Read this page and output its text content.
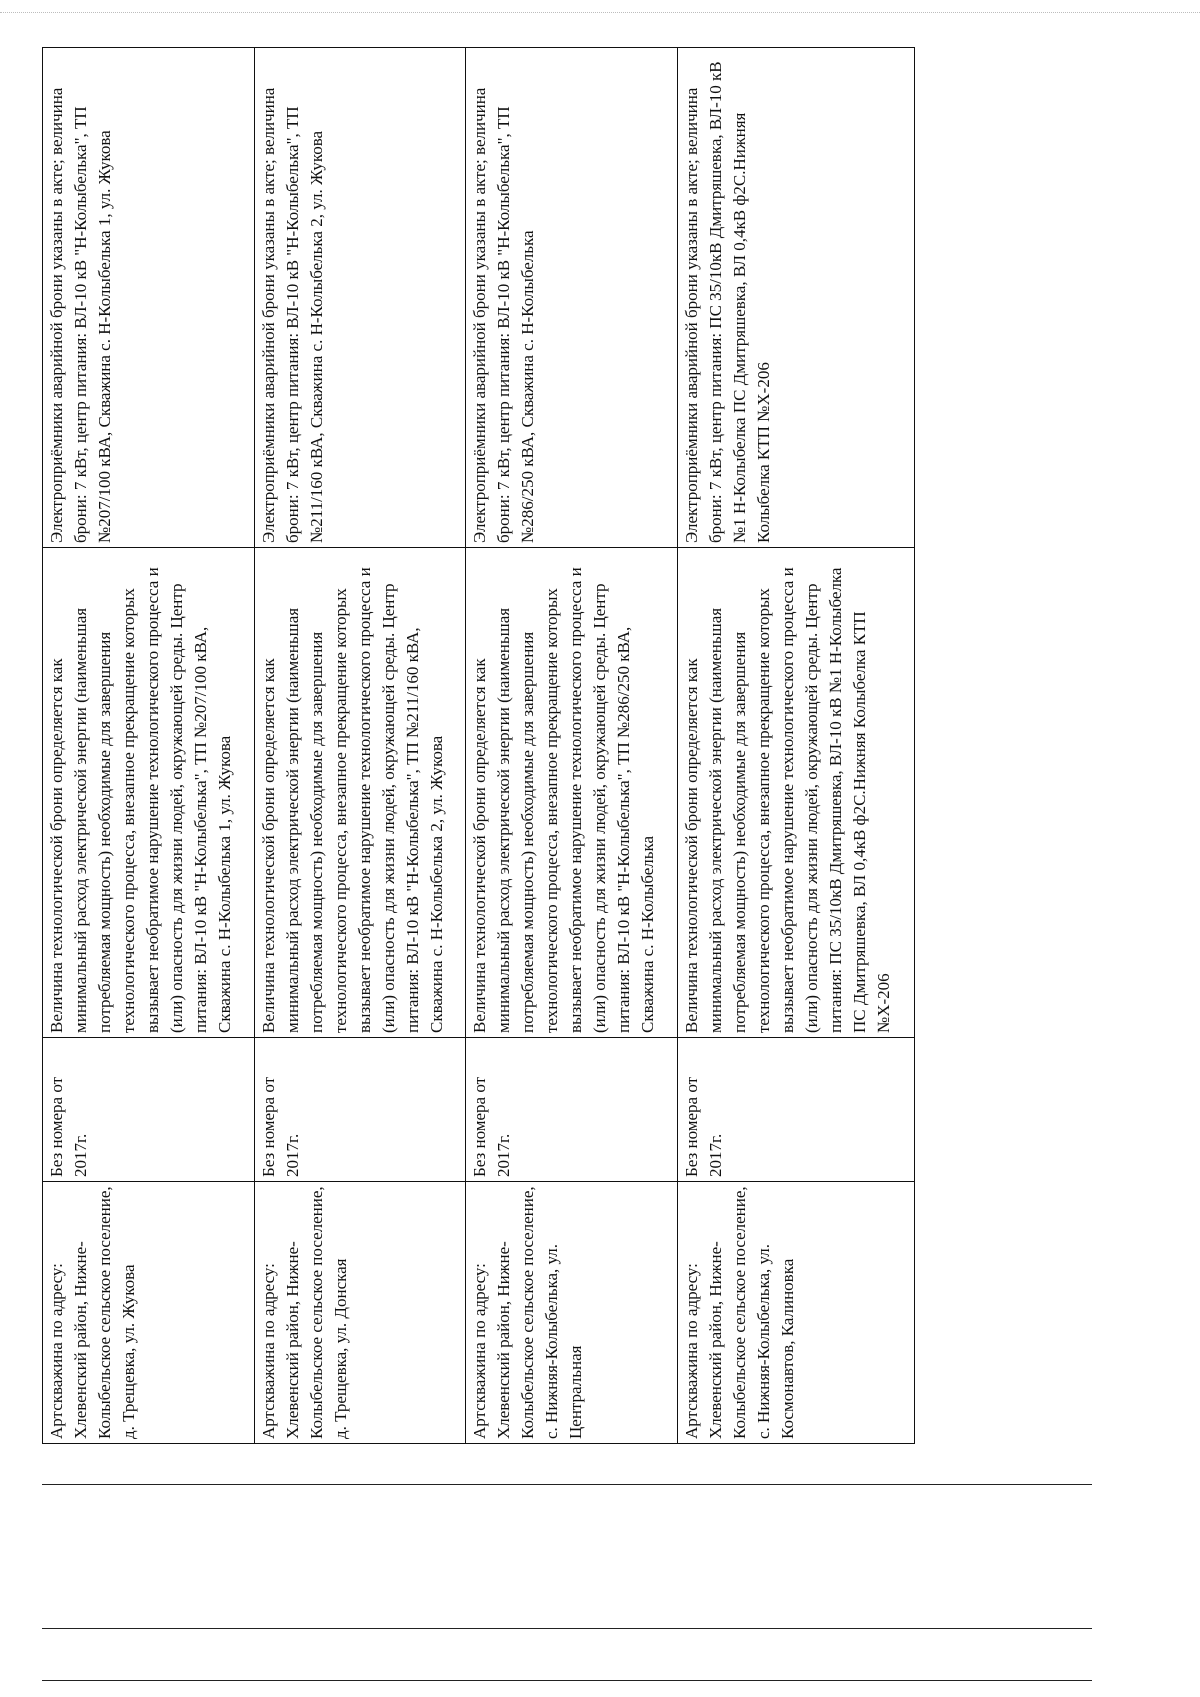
Артскважина по адресу: Хлевенский район, Нижне-Колыбельское сельское поселение, д. Трещевка, ул. Жукова	Без номера от 2017г.	Величина технологической брони определяется как минимальный расход электрической энергии (наименьшая потребляемая мощность) необходимые для завершения технологического процесса, внезапное прекращение которых вызывает необратимое нарушение технологического процесса и (или) опасность для жизни людей, окружающей среды. Центр питания: ВЛ-10 кВ "Н-Колыбелька", ТП №207/100 кВА, Скважина с. Н-Колыбелька 1, ул. Жукова	Электроприёмники аварийной брони указаны в акте; величина брони: 7 кВт, центр питания: ВЛ-10 кВ "Н-Колыбелька", ТП №207/100 кВА, Скважина с. Н-Колыбелька 1, ул. Жукова
Артскважина по адресу: Хлевенский район, Нижне-Колыбельское сельское поселение, д. Трещевка, ул. Донская	Без номера от 2017г.	Величина технологической брони определяется как минимальный расход электрической энергии (наименьшая потребляемая мощность) необходимые для завершения технологического процесса, внезапное прекращение которых вызывает необратимое нарушение технологического процесса и (или) опасность для жизни людей, окружающей среды. Центр питания: ВЛ-10 кВ "Н-Колыбелька", ТП №211/160 кВА, Скважина с. Н-Колыбелька 2, ул. Жукова	Электроприёмники аварийной брони указаны в акте; величина брони: 7 кВт, центр питания: ВЛ-10 кВ "Н-Колыбелька", ТП №211/160 кВА, Скважина с. Н-Колыбелька 2, ул. Жукова
Артскважина по адресу: Хлевенский район, Нижне-Колыбельское сельское поселение, с. Нижняя-Колыбелька, ул. Центральная	Без номера от 2017г.	Величина технологической брони определяется как минимальный расход электрической энергии (наименьшая потребляемая мощность) необходимые для завершения технологического процесса, внезапное прекращение которых вызывает необратимое нарушение технологического процесса и (или) опасность для жизни людей, окружающей среды. Центр питания: ВЛ-10 кВ "Н-Колыбелька", ТП №286/250 кВА, Скважина с. Н-Колыбелька	Электроприёмники аварийной брони указаны в акте; величина брони: 7 кВт, центр питания: ВЛ-10 кВ "Н-Колыбелька", ТП №286/250 кВА, Скважина с. Н-Колыбелька
Артскважина по адресу: Хлевенский район, Нижне-Колыбельское сельское поселение, с. Нижняя-Колыбелька, ул. Космонавтов, Калиновка	Без номера от 2017г.	Величина технологической брони определяется как минимальный расход электрической энергии (наименьшая потребляемая мощность) необходимые для завершения технологического процесса, внезапное прекращение которых вызывает необратимое нарушение технологического процесса и (или) опасность для жизни людей, окружающей среды. Центр питания: ПС 35/10кВ Дмитряшевка, ВЛ-10 кВ №1 Н-Колыбелка ПС Дмитряшевка, ВЛ 0,4кВ ф2С.Нижняя Колыбелка КТП №Х-206	Электроприёмники аварийной брони указаны в акте; величина брони: 7 кВт, центр питания: ПС 35/10кВ Дмитряшевка, ВЛ-10 кВ №1 Н-Колыбелка ПС Дмитряшевка, ВЛ 0,4кВ ф2С.Нижняя Колыбелка КТП №Х-206
